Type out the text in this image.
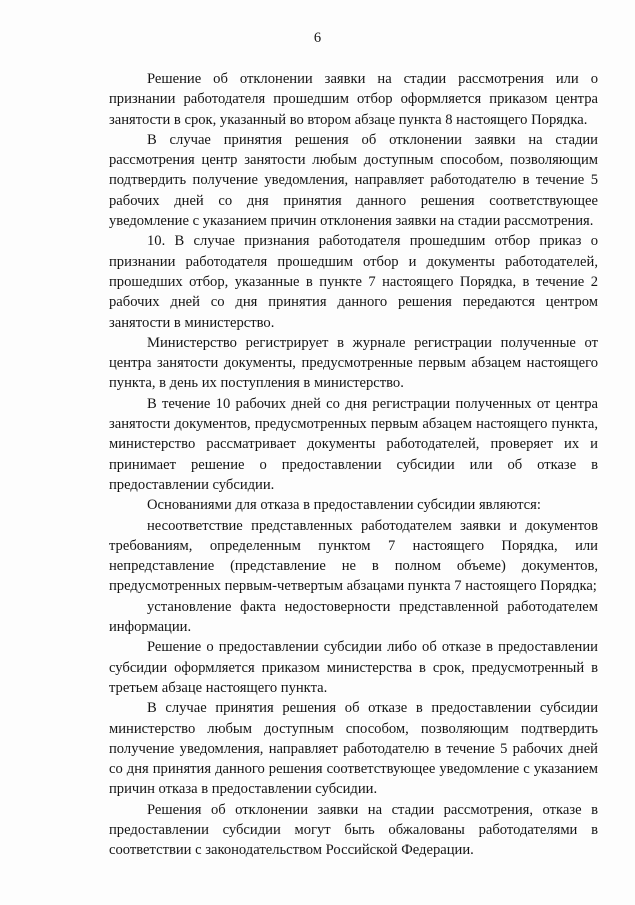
6

Решение об отклонении заявки на стадии рассмотрения или о признании работодателя прошедшим отбор оформляется приказом центра занятости в срок, указанный во втором абзаце пункта 8 настоящего Порядка.

В случае принятия решения об отклонении заявки на стадии рассмотрения центр занятости любым доступным способом, позволяющим подтвердить получение уведомления, направляет работодателю в течение 5 рабочих дней со дня принятия данного решения соответствующее уведомление с указанием причин отклонения заявки на стадии рассмотрения.

10. В случае признания работодателя прошедшим отбор приказ о признании работодателя прошедшим отбор и документы работодателей, прошедших отбор, указанные в пункте 7 настоящего Порядка, в течение 2 рабочих дней со дня принятия данного решения передаются центром занятости в министерство.

Министерство регистрирует в журнале регистрации полученные от центра занятости документы, предусмотренные первым абзацем настоящего пункта, в день их поступления в министерство.

В течение 10 рабочих дней со дня регистрации полученных от центра занятости документов, предусмотренных первым абзацем настоящего пункта, министерство рассматривает документы работодателей, проверяет их и принимает решение о предоставлении субсидии или об отказе в предоставлении субсидии.

Основаниями для отказа в предоставлении субсидии являются:

несоответствие представленных работодателем заявки и документов требованиям, определенным пунктом 7 настоящего Порядка, или непредставление (представление не в полном объеме) документов, предусмотренных первым-четвертым абзацами пункта 7 настоящего Порядка;

установление факта недостоверности представленной работодателем информации.

Решение о предоставлении субсидии либо об отказе в предоставлении субсидии оформляется приказом министерства в срок, предусмотренный в третьем абзаце настоящего пункта.

В случае принятия решения об отказе в предоставлении субсидии министерство любым доступным способом, позволяющим подтвердить получение уведомления, направляет работодателю в течение 5 рабочих дней со дня принятия данного решения соответствующее уведомление с указанием причин отказа в предоставлении субсидии.

Решения об отклонении заявки на стадии рассмотрения, отказе в предоставлении субсидии могут быть обжалованы работодателями в соответствии с законодательством Российской Федерации.
